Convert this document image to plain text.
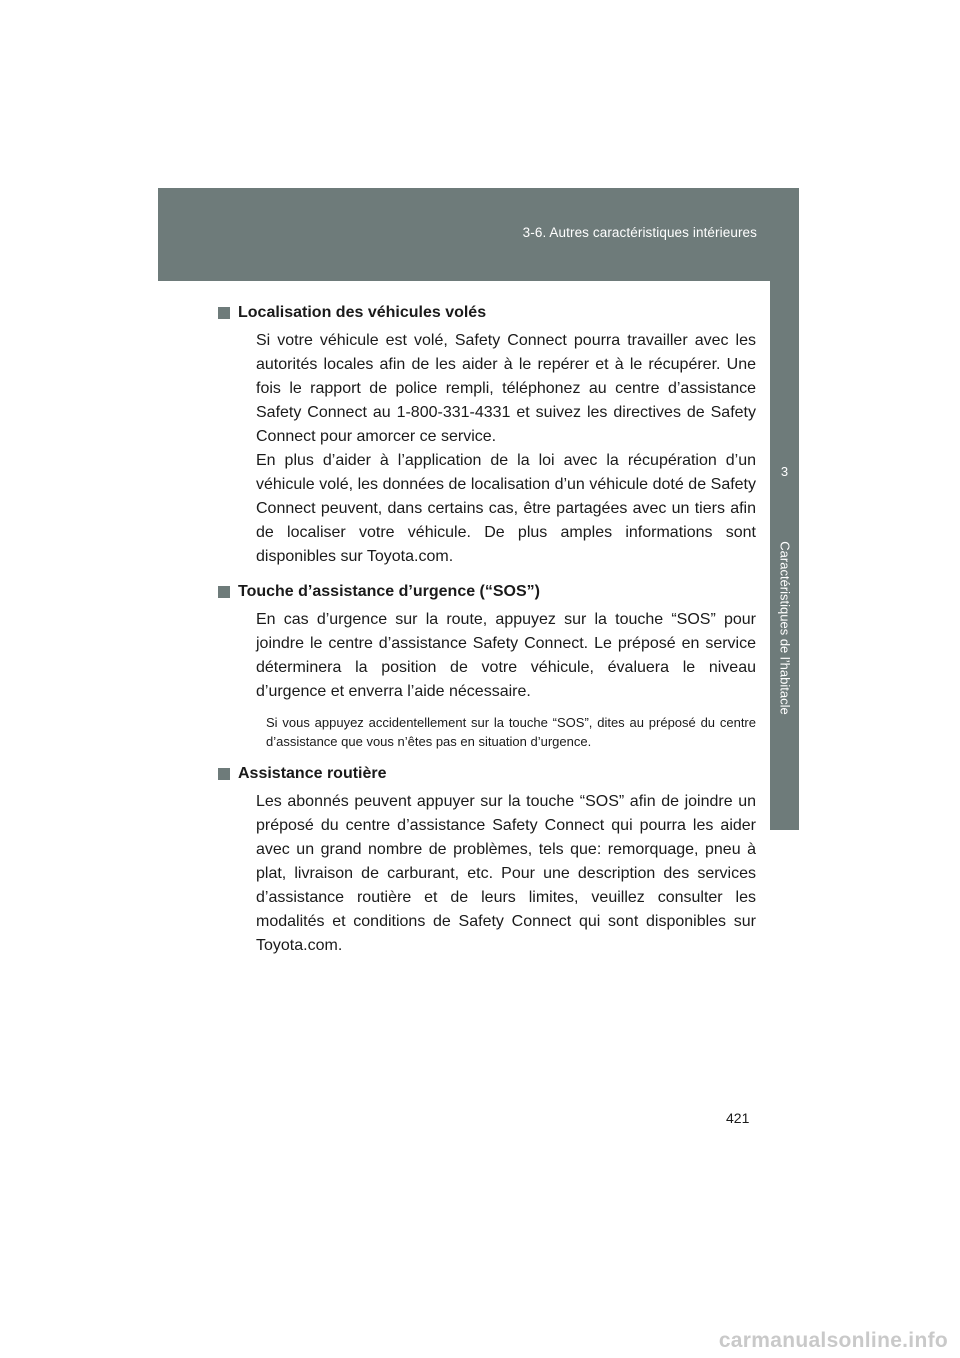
3-6. Autres caractéristiques intérieures
3
Caractéristiques de l’habitacle
Localisation des véhicules volés

Si votre véhicule est volé, Safety Connect pourra travailler avec les autorités locales afin de les aider à le repérer et à le récupérer. Une fois le rapport de police rempli, téléphonez au centre d’assistance Safety Connect au 1-800-331-4331 et suivez les directives de Safety Connect pour amorcer ce service.

En plus d’aider à l’application de la loi avec la récupération d’un véhicule volé, les données de localisation d’un véhicule doté de Safety Connect peuvent, dans certains cas, être partagées avec un tiers afin de localiser votre véhicule. De plus amples informations sont disponibles sur Toyota.com.

Touche d’assistance d’urgence (“SOS”)

En cas d’urgence sur la route, appuyez sur la touche “SOS” pour joindre le centre d’assistance Safety Connect. Le préposé en service déterminera la position de votre véhicule, évaluera le niveau d’urgence et enverra l’aide nécessaire.

Si vous appuyez accidentellement sur la touche “SOS”, dites au préposé du centre d’assistance que vous n’êtes pas en situation d’urgence.

Assistance routière

Les abonnés peuvent appuyer sur la touche “SOS” afin de joindre un préposé du centre d’assistance Safety Connect qui pourra les aider avec un grand nombre de problèmes, tels que: remorquage, pneu à plat, livraison de carburant, etc. Pour une description des services d’assistance routière et de leurs limites, veuillez consulter les modalités et conditions de Safety Connect qui sont disponibles sur Toyota.com.

421
carmanualsonline.info
